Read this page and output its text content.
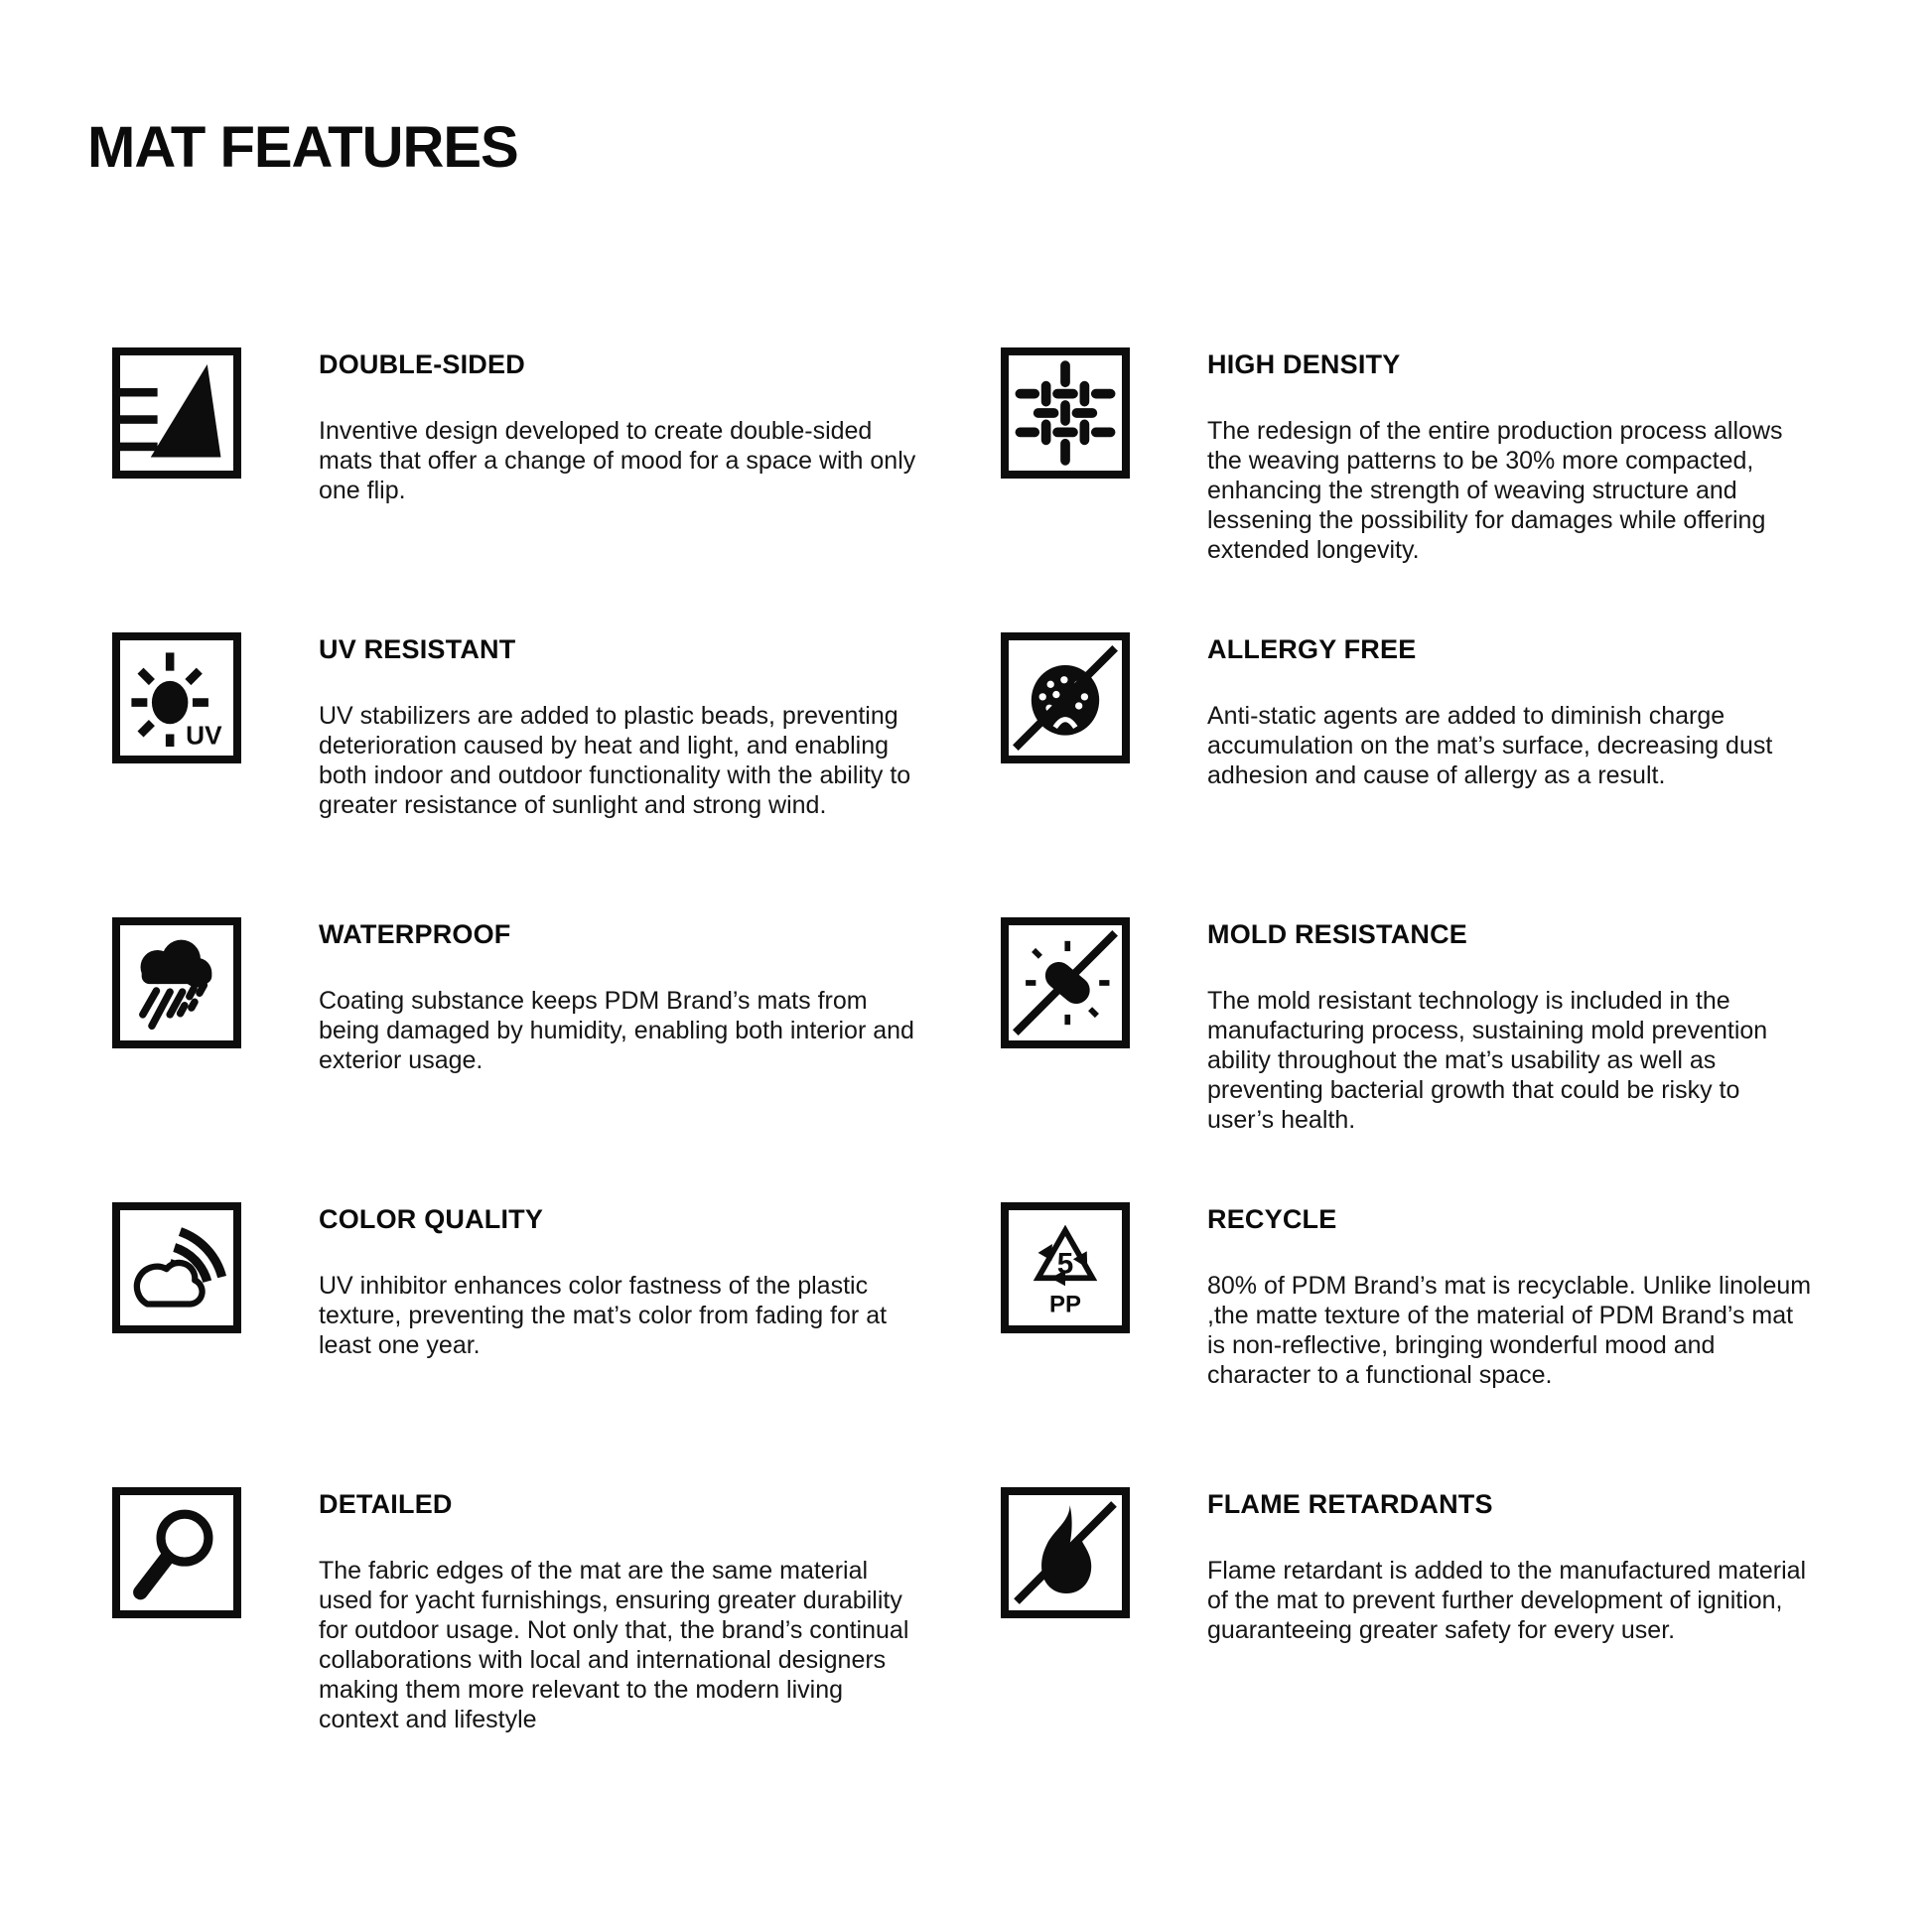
MAT FEATURES
DOUBLE-SIDED
Inventive design developed to create double-sided mats that offer a change of mood for a space with only one flip.
HIGH DENSITY
The redesign of the entire production process allows the weaving patterns to be 30% more compacted, enhancing the strength of weaving structure and lessening the possibility for damages while offering extended longevity.
UV
UV RESISTANT
UV stabilizers are added to plastic beads, preventing deterioration caused by heat and light, and enabling both indoor and outdoor functionality with the ability to greater resistance of sunlight and strong wind.
ALLERGY FREE
Anti-static agents are added to diminish charge accumulation on the mat’s surface, decreasing dust adhesion and cause of allergy as a result.
WATERPROOF
Coating substance keeps PDM Brand’s mats from being damaged by humidity, enabling both interior and exterior usage.
MOLD RESISTANCE
The mold resistant technology is included in the manufacturing process, sustaining mold prevention ability throughout the mat’s usability as well as preventing bacterial growth that could be risky to user’s health.
COLOR QUALITY
UV inhibitor enhances color fastness of the plastic texture, preventing the mat’s color from fading for at least one year.
5
PP
RECYCLE
80% of PDM Brand’s mat is recyclable. Unlike linoleum ,the matte texture of the material of PDM Brand’s mat is non-reflective, bringing wonderful mood and character to a functional space.
DETAILED
The fabric edges of the mat are the same material used for yacht furnishings, ensuring greater durability for outdoor usage. Not only that, the brand’s continual collaborations with local and international designers making them more relevant to the modern living context and lifestyle
FLAME RETARDANTS
Flame retardant is added to the manufactured material of the mat to prevent further development of ignition, guaranteeing greater safety for every user.
